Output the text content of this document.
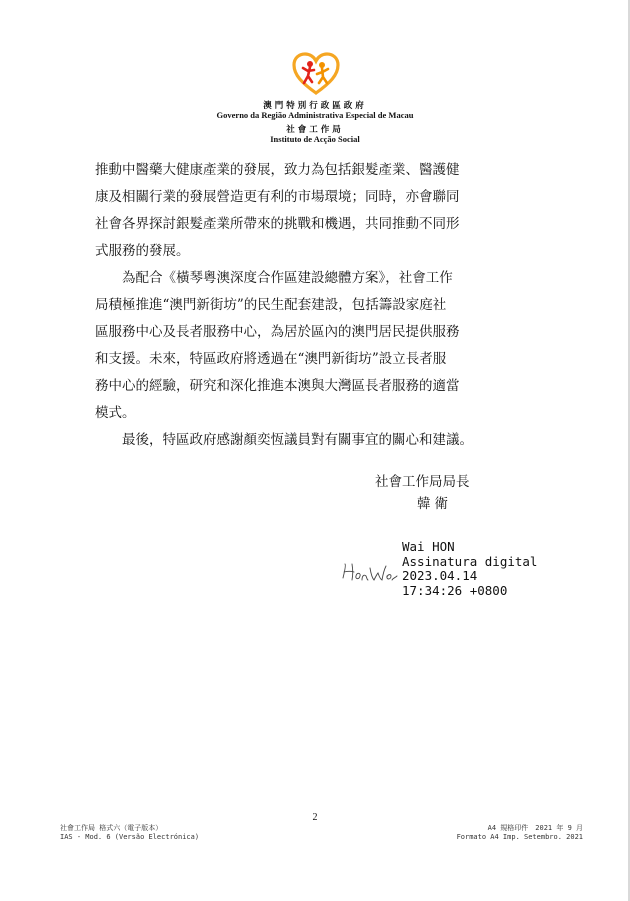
澳門特別行政區政府
Governo da Região Administrativa Especial de Macau
社會工作局
Instituto de Acção Social
推動中醫藥大健康產業的發展，致力為包括銀髮產業、醫護健
康及相關行業的發展營造更有利的市場環境；同時，亦會聯同
社會各界探討銀髮產業所帶來的挑戰和機遇，共同推動不同形
式服務的發展。
　　為配合《橫琴粵澳深度合作區建設總體方案》，社會工作
局積極推進“澳門新街坊”的民生配套建設，包括籌設家庭社
區服務中心及長者服務中心，為居於區內的澳門居民提供服務
和支援。未來，特區政府將透過在“澳門新街坊”設立長者服
務中心的經驗，研究和深化推進本澳與大灣區長者服務的適當
模式。
　　最後，特區政府感謝顏奕恆議員對有關事宜的關心和建議。
社會工作局局長
韓衛
Wai HON
Assinatura digital
2023.04.14
17:34:26 +0800
2
社會工作局 格式六（電子版本）
IAS - Mod. 6 (Versão Electrónica)
A4 規格印件　2021 年 9 月
Formato A4 Imp. Setembro. 2021
